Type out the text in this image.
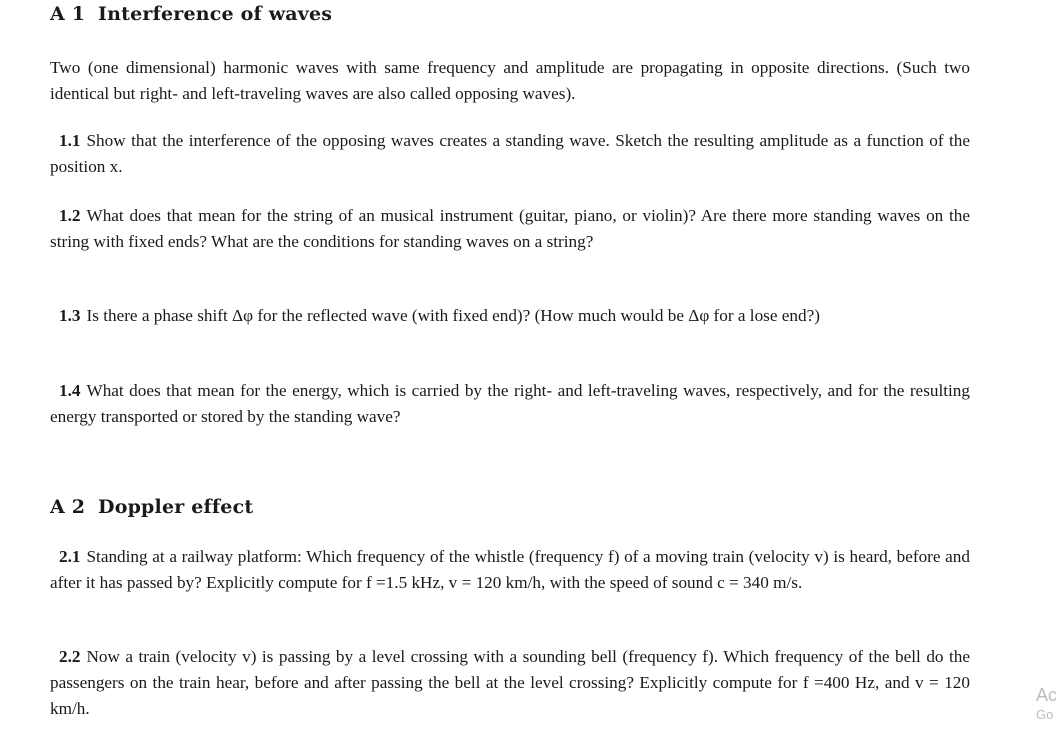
A 1 Interference of waves

Two (one dimensional) harmonic waves with same frequency and amplitude are propagating in opposite directions. (Such two identical but right- and left-traveling waves are also called opposing waves).

1.1 Show that the interference of the opposing waves creates a standing wave. Sketch the resulting amplitude as a function of the position x.

1.2 What does that mean for the string of an musical instrument (guitar, piano, or violin)? Are there more standing waves on the string with fixed ends? What are the conditions for standing waves on a string?

1.3 Is there a phase shift Δφ for the reflected wave (with fixed end)? (How much would be Δφ for a lose end?)

1.4 What does that mean for the energy, which is carried by the right- and left-traveling waves, respectively, and for the resulting energy transported or stored by the standing wave?

A 2 Doppler effect

2.1 Standing at a railway platform: Which frequency of the whistle (frequency f) of a moving train (velocity v) is heard, before and after it has passed by? Explicitly compute for f =1.5 kHz, v = 120 km/h, with the speed of sound c = 340 m/s.

2.2 Now a train (velocity v) is passing by a level crossing with a sounding bell (frequency f). Which frequency of the bell do the passengers on the train hear, before and after passing the bell at the level crossing? Explicitly compute for f =400 Hz, and v = 120 km/h.

Ac
Go
